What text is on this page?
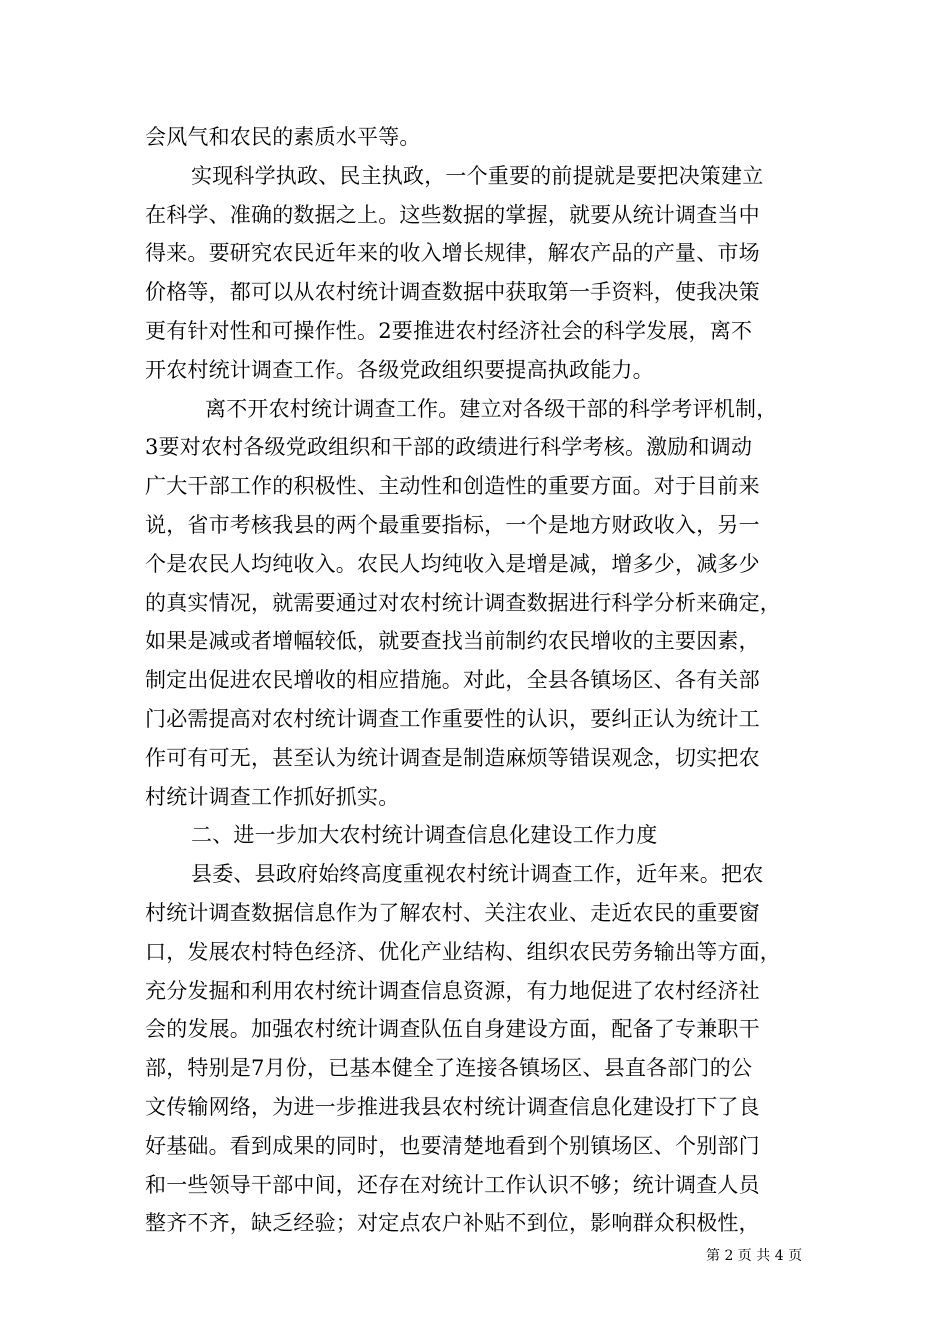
会风气和农民的素质水平等。
实现科学执政、民主执政，一个重要的前提就是要把决策建立
在科学、准确的数据之上。这些数据的掌握，就要从统计调查当中
得来。要研究农民近年来的收入增长规律，解农产品的产量、市场
价格等，都可以从农村统计调查数据中获取第一手资料，使我决策
更有针对性和可操作性。2要推进农村经济社会的科学发展，离不
开农村统计调查工作。各级党政组织要提高执政能力。
离不开农村统计调查工作。建立对各级干部的科学考评机制，
3要对农村各级党政组织和干部的政绩进行科学考核。激励和调动
广大干部工作的积极性、主动性和创造性的重要方面。对于目前来
说，省市考核我县的两个最重要指标，一个是地方财政收入，另一
个是农民人均纯收入。农民人均纯收入是增是减，增多少，减多少
的真实情况，就需要通过对农村统计调查数据进行科学分析来确定，
如果是减或者增幅较低，就要查找当前制约农民增收的主要因素，
制定出促进农民增收的相应措施。对此，全县各镇场区、各有关部
门必需提高对农村统计调查工作重要性的认识，要纠正认为统计工
作可有可无，甚至认为统计调查是制造麻烦等错误观念，切实把农
村统计调查工作抓好抓实。
二、进一步加大农村统计调查信息化建设工作力度
县委、县政府始终高度重视农村统计调查工作，近年来。把农
村统计调查数据信息作为了解农村、关注农业、走近农民的重要窗
口，发展农村特色经济、优化产业结构、组织农民劳务输出等方面，
充分发掘和利用农村统计调查信息资源，有力地促进了农村经济社
会的发展。加强农村统计调查队伍自身建设方面，配备了专兼职干
部，特别是7月份，已基本健全了连接各镇场区、县直各部门的公
文传输网络，为进一步推进我县农村统计调查信息化建设打下了良
好基础。看到成果的同时，也要清楚地看到个别镇场区、个别部门
和一些领导干部中间，还存在对统计工作认识不够；统计调查人员
整齐不齐，缺乏经验；对定点农户补贴不到位，影响群众积极性，
第 2 页 共 4 页
